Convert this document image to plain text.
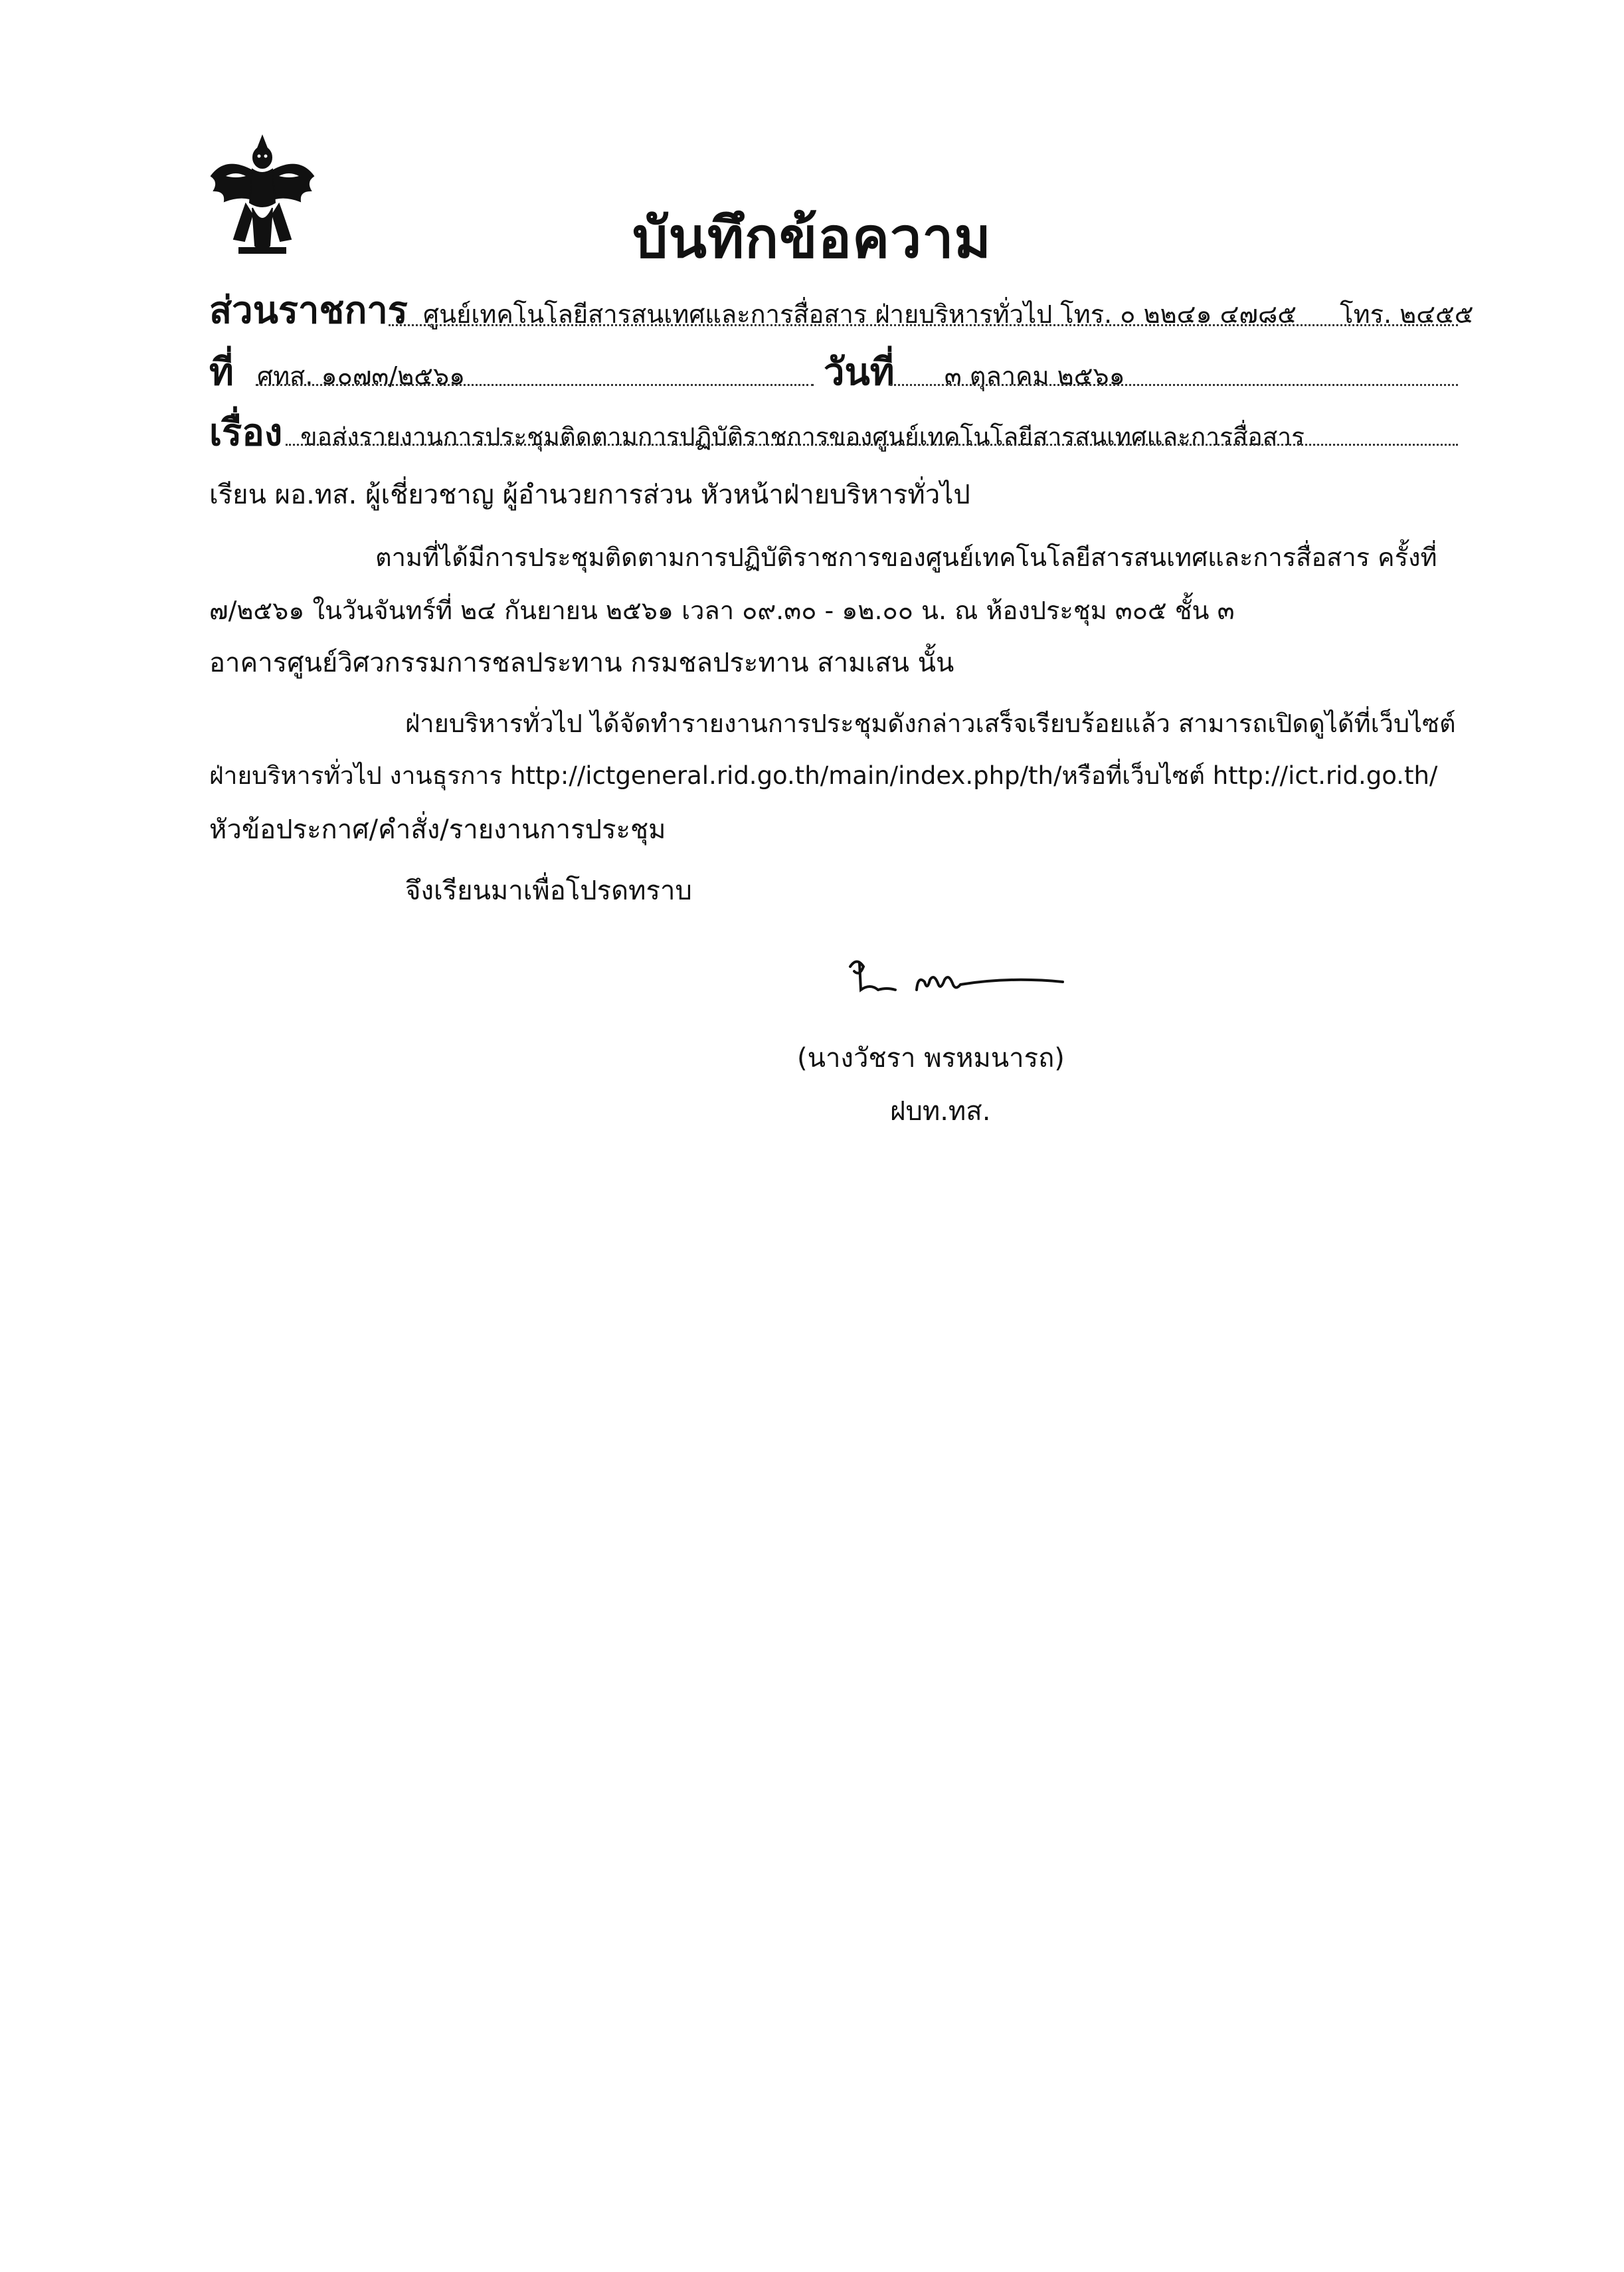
บันทึกข้อความ
ส่วนราชการ ศูนย์เทคโนโลยีสารสนเทศและการสื่อสาร ฝ่ายบริหารทั่วไป โทร. ๐ ๒๒๔๑ ๔๗๘๕ โทร. ๒๔๕๕
ที่ ศทส. ๑๐๗๓/๒๕๖๑	วันที่ ๓ ตุลาคม ๒๕๖๑
เรื่อง ขอส่งรายงานการประชุมติดตามการปฏิบัติราชการของศูนย์เทคโนโลยีสารสนเทศและการสื่อสาร
เรียน ผอ.ทส. ผู้เชี่ยวชาญ ผู้อำนวยการส่วน หัวหน้าฝ่ายบริหารทั่วไป
ตามที่ได้มีการประชุมติดตามการปฏิบัติราชการของศูนย์เทคโนโลยีสารสนเทศและการสื่อสาร ครั้งที่
๗/๒๕๖๑ ในวันจันทร์ที่ ๒๔ กันยายน ๒๕๖๑ เวลา ๐๙.๓๐ - ๑๒.๐๐ น. ณ ห้องประชุม ๓๐๕ ชั้น ๓
อาคารศูนย์วิศวกรรมการชลประทาน กรมชลประทาน สามเสน นั้น
ฝ่ายบริหารทั่วไป ได้จัดทำรายงานการประชุมดังกล่าวเสร็จเรียบร้อยแล้ว สามารถเปิดดูได้ที่เว็บไซต์
ฝ่ายบริหารทั่วไป งานธุรการ http://ictgeneral.rid.go.th/main/index.php/th/หรือที่เว็บไซต์ http://ict.rid.go.th/
หัวข้อประกาศ/คำสั่ง/รายงานการประชุม
จึงเรียนมาเพื่อโปรดทราบ
(นางวัชรา พรหมนารถ)
ฝบท.ทส.
